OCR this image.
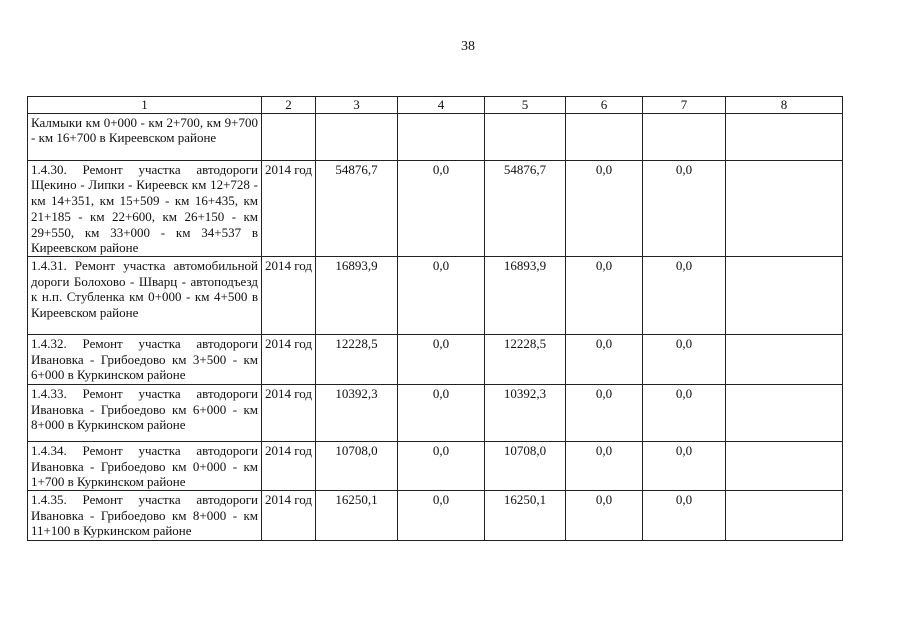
38
1	2	3	4	5	6	7	8
Калмыки км 0+000 - км 2+700, км 9+700 - км 16+700 в Киреевском районе							
1.4.30. Ремонт участка автодороги Щекино - Липки - Киреевск км 12+728 - км 14+351, км 15+509 - км 16+435, км 21+185 - км 22+600, км 26+150 - км 29+550, км 33+000 - км 34+537 в Киреевском районе	2014 год	54876,7	0,0	54876,7	0,0	0,0	
1.4.31. Ремонт участка автомобильной дороги Болохово - Шварц - автоподъезд к н.п. Стубленка км 0+000 - км 4+500 в Киреевском районе	2014 год	16893,9	0,0	16893,9	0,0	0,0	
1.4.32. Ремонт участка автодороги Ивановка - Грибоедово км 3+500 - км 6+000 в Куркинском районе	2014 год	12228,5	0,0	12228,5	0,0	0,0	
1.4.33. Ремонт участка автодороги Ивановка - Грибоедово км 6+000 - км 8+000 в Куркинском районе	2014 год	10392,3	0,0	10392,3	0,0	0,0	
1.4.34. Ремонт участка автодороги Ивановка - Грибоедово км 0+000 - км 1+700 в Куркинском районе	2014 год	10708,0	0,0	10708,0	0,0	0,0	
1.4.35. Ремонт участка автодороги Ивановка - Грибоедово км 8+000 - км 11+100 в Куркинском районе	2014 год	16250,1	0,0	16250,1	0,0	0,0	
